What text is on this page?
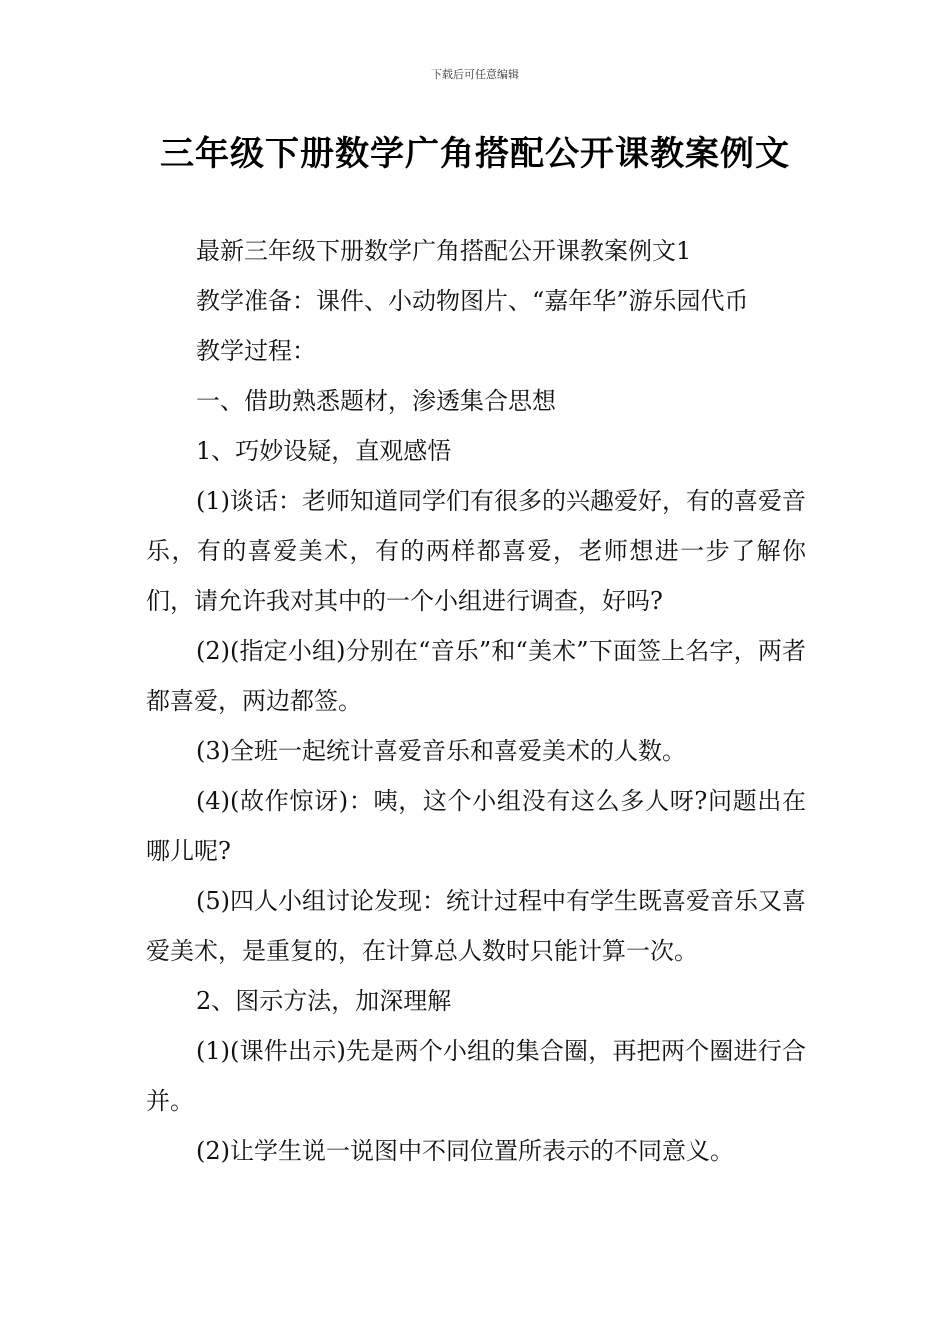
下载后可任意编辑
三年级下册数学广角搭配公开课教案例文

最新三年级下册数学广角搭配公开课教案例文1

教学准备：课件、小动物图片、“嘉年华”游乐园代币

教学过程：

一、借助熟悉题材，渗透集合思想

1、巧妙设疑，直观感悟

(1)谈话：老师知道同学们有很多的兴趣爱好，有的喜爱音乐，有的喜爱美术，有的两样都喜爱，老师想进一步了解你们，请允许我对其中的一个小组进行调查，好吗?

(2)(指定小组)分别在“音乐”和“美术”下面签上名字，两者都喜爱，两边都签。

(3)全班一起统计喜爱音乐和喜爱美术的人数。

(4)(故作惊讶)：咦，这个小组没有这么多人呀?问题出在哪儿呢?

(5)四人小组讨论发现：统计过程中有学生既喜爱音乐又喜爱美术，是重复的，在计算总人数时只能计算一次。

2、图示方法，加深理解

(1)(课件出示)先是两个小组的集合圈，再把两个圈进行合并。

(2)让学生说一说图中不同位置所表示的不同意义。
